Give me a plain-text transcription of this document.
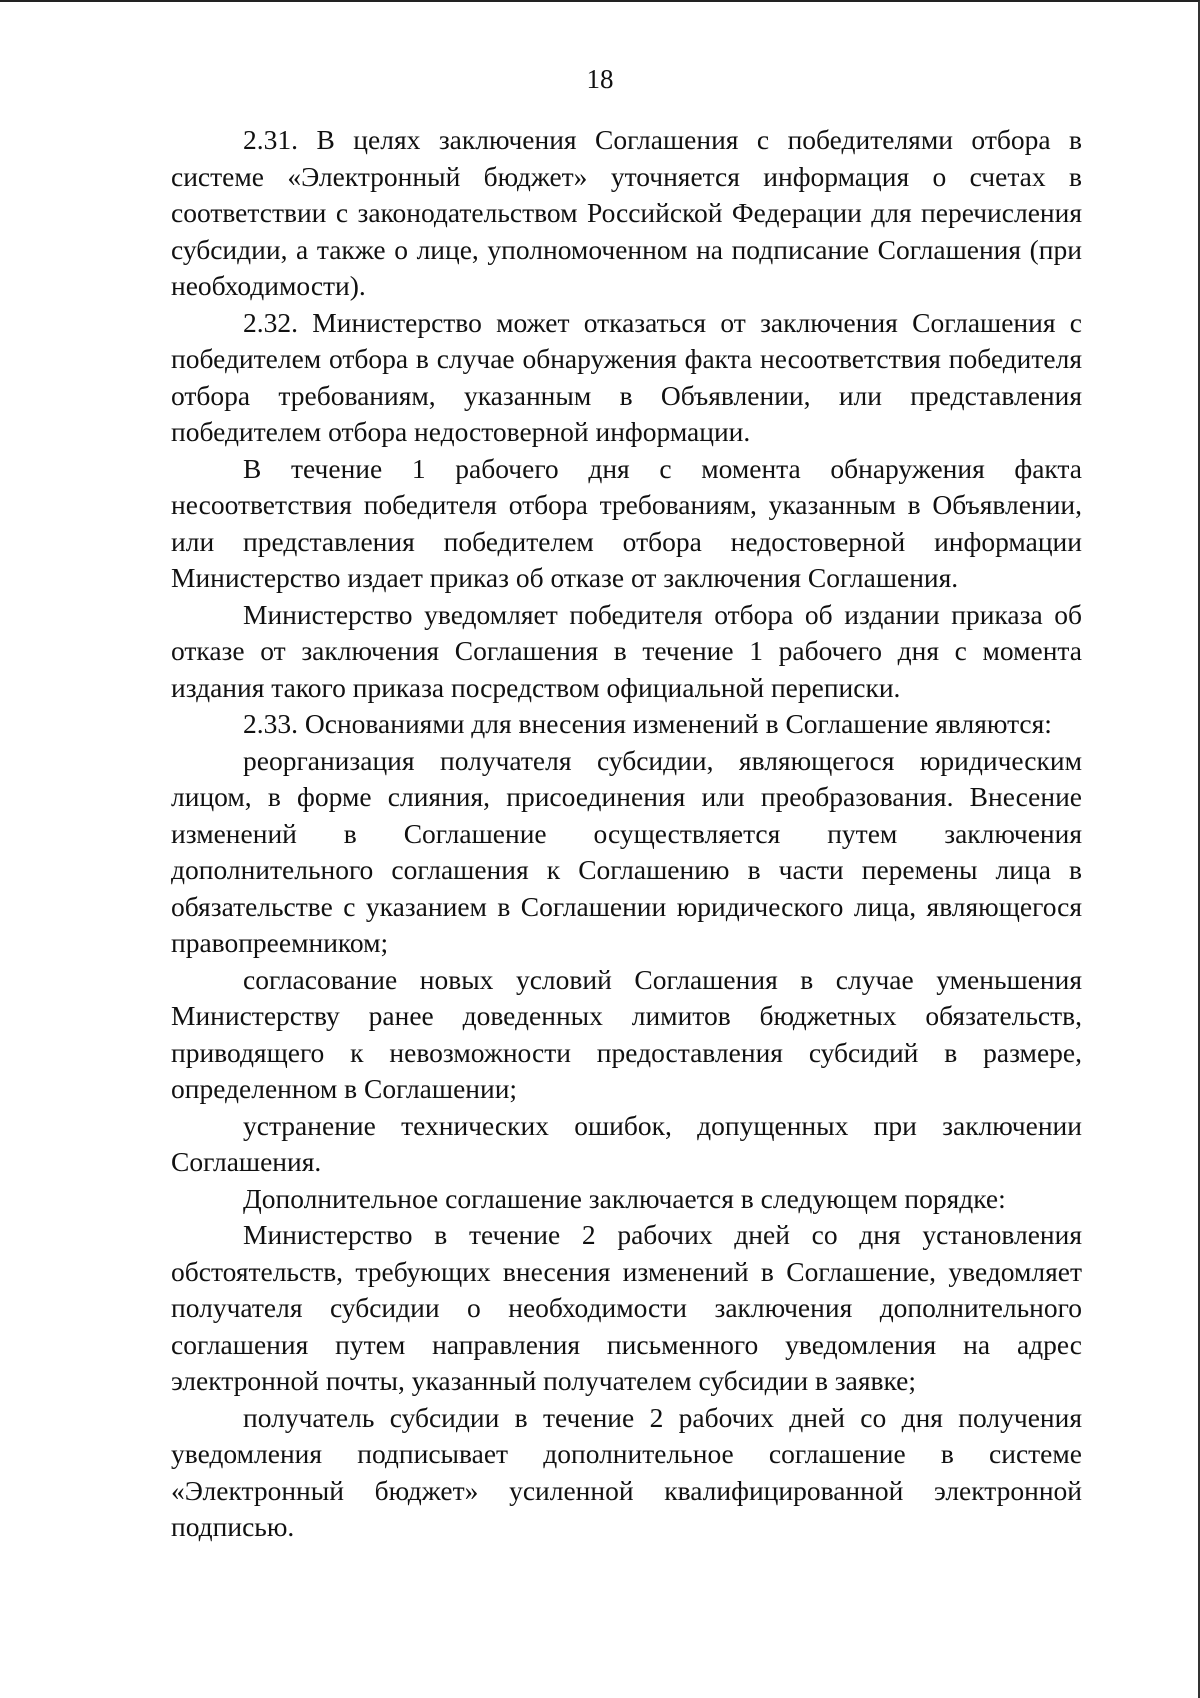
18

2.31. В целях заключения Соглашения с победителями отбора в системе «Электронный бюджет» уточняется информация о счетах в соответствии с законодательством Российской Федерации для перечисления субсидии, а также о лице, уполномоченном на подписание Соглашения (при необходимости).

2.32. Министерство может отказаться от заключения Соглашения с победителем отбора в случае обнаружения факта несоответствия победителя отбора требованиям, указанным в Объявлении, или представления победителем отбора недостоверной информации.

В течение 1 рабочего дня с момента обнаружения факта несоответствия победителя отбора требованиям, указанным в Объявлении, или представления победителем отбора недостоверной информации Министерство издает приказ об отказе от заключения Соглашения.

Министерство уведомляет победителя отбора об издании приказа об отказе от заключения Соглашения в течение 1 рабочего дня с момента издания такого приказа посредством официальной переписки.

2.33. Основаниями для внесения изменений в Соглашение являются:

реорганизация получателя субсидии, являющегося юридическим лицом, в форме слияния, присоединения или преобразования. Внесение изменений в Соглашение осуществляется путем заключения дополнительного соглашения к Соглашению в части перемены лица в обязательстве с указанием в Соглашении юридического лица, являющегося правопреемником;

согласование новых условий Соглашения в случае уменьшения Министерству ранее доведенных лимитов бюджетных обязательств, приводящего к невозможности предоставления субсидий в размере, определенном в Соглашении;

устранение технических ошибок, допущенных при заключении Соглашения.

Дополнительное соглашение заключается в следующем порядке:

Министерство в течение 2 рабочих дней со дня установления обстоятельств, требующих внесения изменений в Соглашение, уведомляет получателя субсидии о необходимости заключения дополнительного соглашения путем направления письменного уведомления на адрес электронной почты, указанный получателем субсидии в заявке;

получатель субсидии в течение 2 рабочих дней со дня получения уведомления подписывает дополнительное соглашение в системе «Электронный бюджет» усиленной квалифицированной электронной подписью.
